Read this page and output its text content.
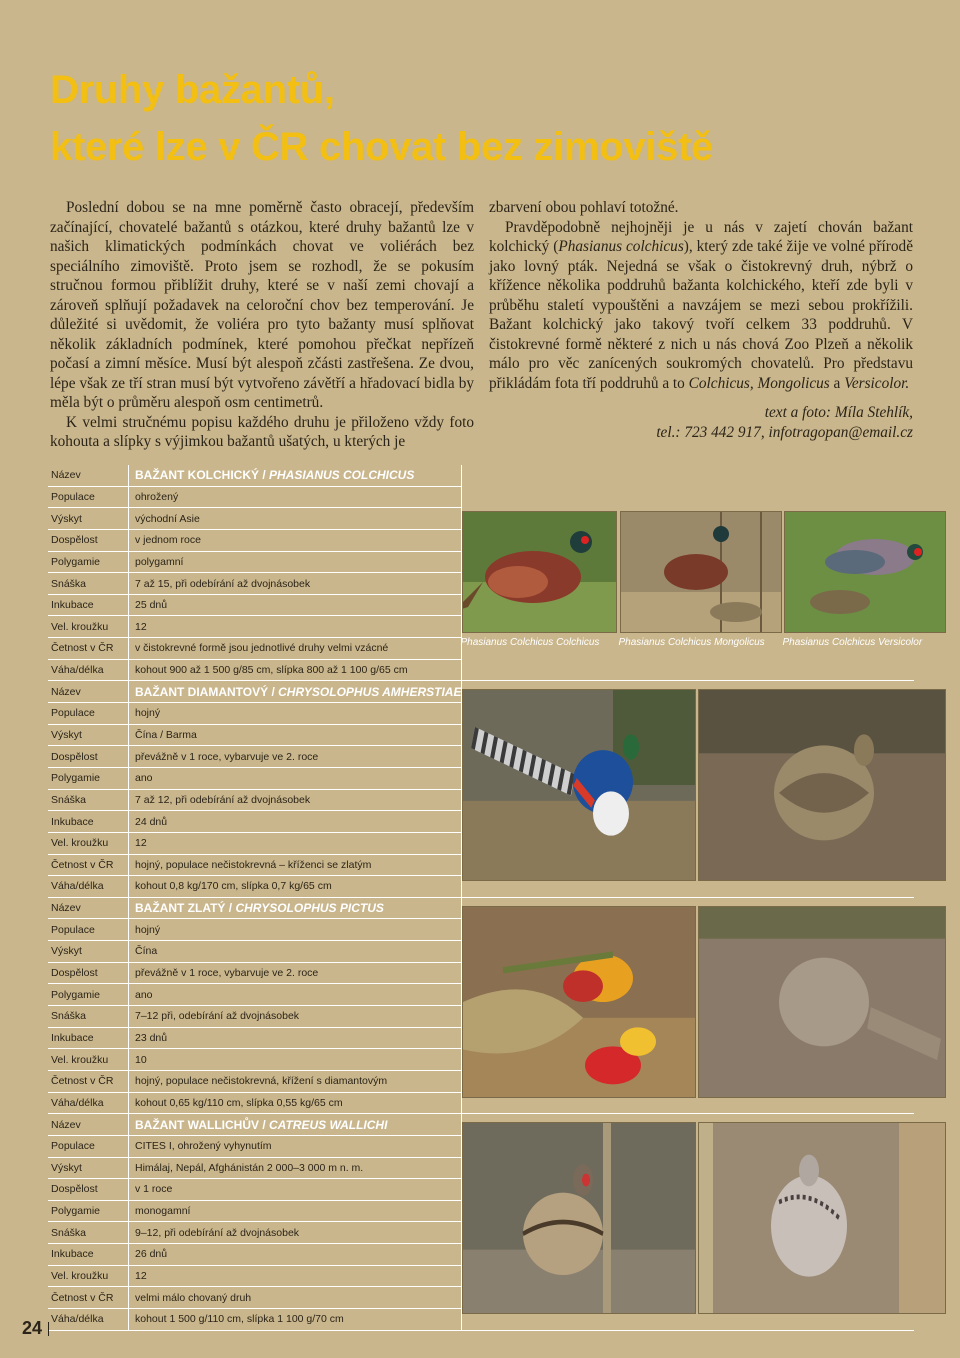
Druhy bažantů,
které lze v ČR chovat bez zimoviště

Poslední dobou se na mne poměrně často obracejí, především začínající, chovatelé bažantů s otázkou, které druhy bažantů lze v našich klimatických podmínkách chovat ve voliérách bez speciálního zimoviště. Proto jsem se rozhodl, že se pokusím stručnou formou přiblížit druhy, které se v naší zemi chovají a zároveň splňují požadavek na celoroční chov bez temperování. Je důležité si uvědomit, že voliéra pro tyto bažanty musí splňovat několik základních podmínek, které pomohou přečkat nepřízeň počasí a zimní měsíce. Musí být alespoň zčásti zastřešena. Ze dvou, lépe však ze tří stran musí být vytvořeno závětří a hřadovací bidla by měla být o průměru alespoň osm centimetrů.

K velmi stručnému popisu každého druhu je přiloženo vždy foto kohouta a slípky s výjimkou bažantů ušatých, u kterých je

zbarvení obou pohlaví totožné.

Pravděpodobně nejhojněji je u nás v zajetí chován bažant kolchický (Phasianus colchicus), který zde také žije ve volné přírodě jako lovný pták. Nejedná se však o čistokrevný druh, nýbrž o křížence několika poddruhů bažanta kolchického, kteří zde byli v průběhu staletí vypouštěni a navzájem se mezi sebou prokřížili. Bažant kolchický jako takový tvoří celkem 33 poddruhů. V čistokrevné formě některé z nich u nás chová Zoo Plzeň a několik málo pro věc zanícených soukromých chovatelů. Pro představu přikládám fota tří poddruhů a to Colchicus, Mongolicus a Versicolor.

text a foto: Míla Stehlík,
tel.: 723 442 917, infotragopan@email.cz
Název	BAŽANT KOLCHICKÝ / PHASIANUS COLCHICUS	Phasianus Colchicus Colchicus Phasianus Colchicus Mongolicus Phasianus Colchicus Versicolor

Populace	ohrožený	
Výskyt	východní Asie	
Dospělost	v jednom roce	
Polygamie	polygamní	
Snáška	7 až 15, při odebírání až dvojnásobek	
Inkubace	25 dnů	
Vel. kroužku	12	
Četnost v ČR	v čistokrevné formě jsou jednotlivé druhy velmi vzácné	
Váha/délka	kohout 900 až 1 500 g/85 cm, slípka 800 až 1 100 g/65 cm	
Název	BAŽANT DIAMANTOVÝ / CHRYSOLOPHUS AMHERSTIAE	

Populace	hojný	
Výskyt	Čína / Barma	
Dospělost	převážně v 1 roce, vybarvuje ve 2. roce	
Polygamie	ano	
Snáška	7 až 12, při odebírání až dvojnásobek	
Inkubace	24 dnů	
Vel. kroužku	12	
Četnost v ČR	hojný, populace nečistokrevná – kříženci se zlatým	
Váha/délka	kohout 0,8 kg/170 cm, slípka 0,7 kg/65 cm	
Název	BAŽANT ZLATÝ / CHRYSOLOPHUS PICTUS	

Populace	hojný	
Výskyt	Čína	
Dospělost	převážně v 1 roce, vybarvuje ve 2. roce	
Polygamie	ano	
Snáška	7–12 při, odebírání až dvojnásobek	
Inkubace	23 dnů	
Vel. kroužku	10	
Četnost v ČR	hojný, populace nečistokrevná, křížení s diamantovým	
Váha/délka	kohout 0,65 kg/110 cm, slípka 0,55 kg/65 cm	
Název	BAŽANT WALLICHŮV / CATREUS WALLICHI	

Populace	CITES I, ohrožený vyhynutím	
Výskyt	Himálaj, Nepál, Afghánistán 2 000–3 000 m n. m.	
Dospělost	v 1 roce	
Polygamie	monogamní	
Snáška	9–12, při odebírání až dvojnásobek	
Inkubace	26 dnů	
Vel. kroužku	12	
Četnost v ČR	velmi málo chovaný druh	
Váha/délka	kohout 1 500 g/110 cm, slípka 1 100 g/70 cm	
24
